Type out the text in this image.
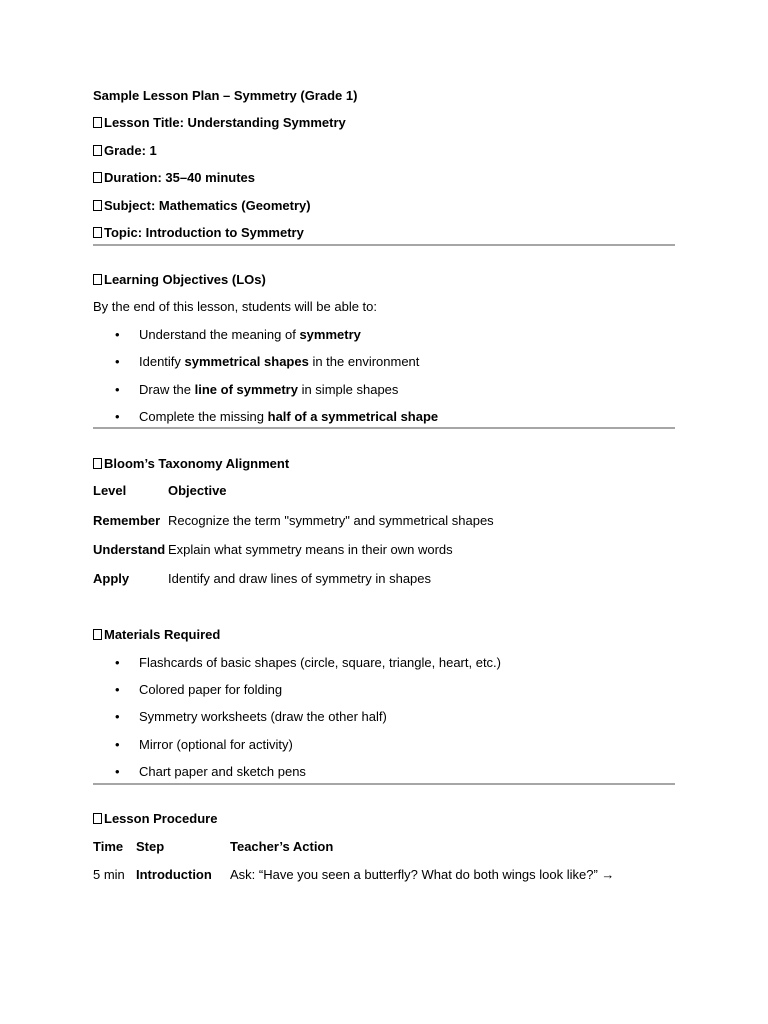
Sample Lesson Plan – Symmetry (Grade 1)
Lesson Title: Understanding Symmetry
Grade: 1
Duration: 35–40 minutes
Subject: Mathematics (Geometry)
Topic: Introduction to Symmetry
Learning Objectives (LOs)
By the end of this lesson, students will be able to:
• Understand the meaning of symmetry
• Identify symmetrical shapes in the environment
• Draw the line of symmetry in simple shapes
• Complete the missing half of a symmetrical shape
Bloom’s Taxonomy Alignment
Level	Objective
Remember	Recognize the term "symmetry" and symmetrical shapes
Understand	Explain what symmetry means in their own words
Apply	Identify and draw lines of symmetry in shapes
Materials Required
• Flashcards of basic shapes (circle, square, triangle, heart, etc.)
• Colored paper for folding
• Symmetry worksheets (draw the other half)
• Mirror (optional for activity)
• Chart paper and sketch pens
Lesson Procedure
Time	Step	Teacher’s Action
5 min	Introduction	Ask: “Have you seen a butterfly? What do both wings look like?” →
